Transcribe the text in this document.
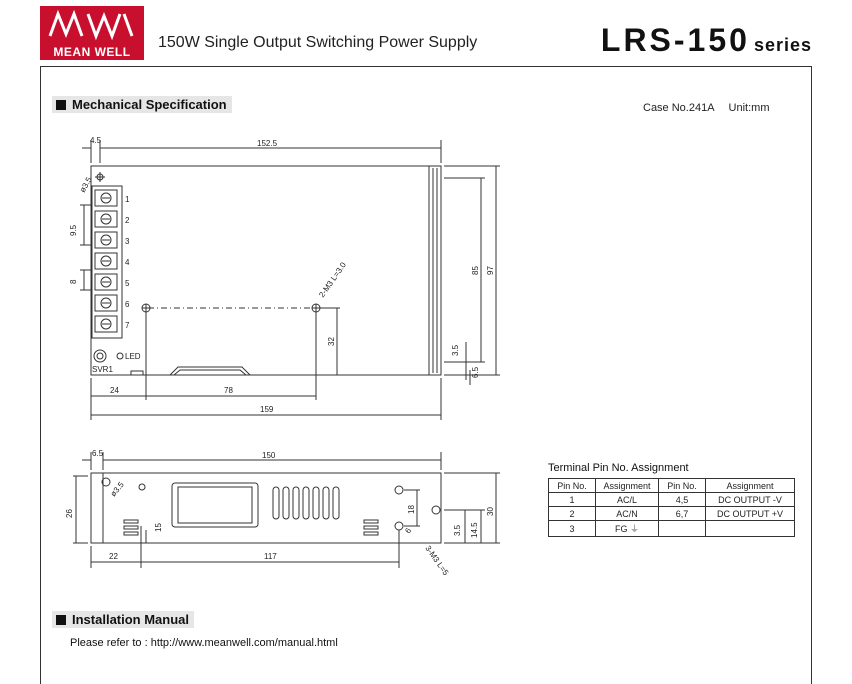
MEAN WELL
150W Single Output Switching Power Supply	LRS-150 series
Mechanical Specification	Case No.241A Unit:mm
4.5	152.5
ø3.5
9.5
8
1
2
3
4
5
6
7
LED
SVR1
2-M3 L=3.0	85 97
32
3.5
6.5
24	78
159
6.5	150
ø3.5
26
15
18
3.5 14.5
30
6
3-M3 L=5
22	117
Terminal Pin No. Assignment
Pin No.	Assignment	Pin No.	Assignment
1	AC/L	4,5	DC OUTPUT -V
2	AC/N	6,7	DC OUTPUT +V
3	FG ⏚		
Installation Manual
Please refer to : http://www.meanwell.com/manual.html
